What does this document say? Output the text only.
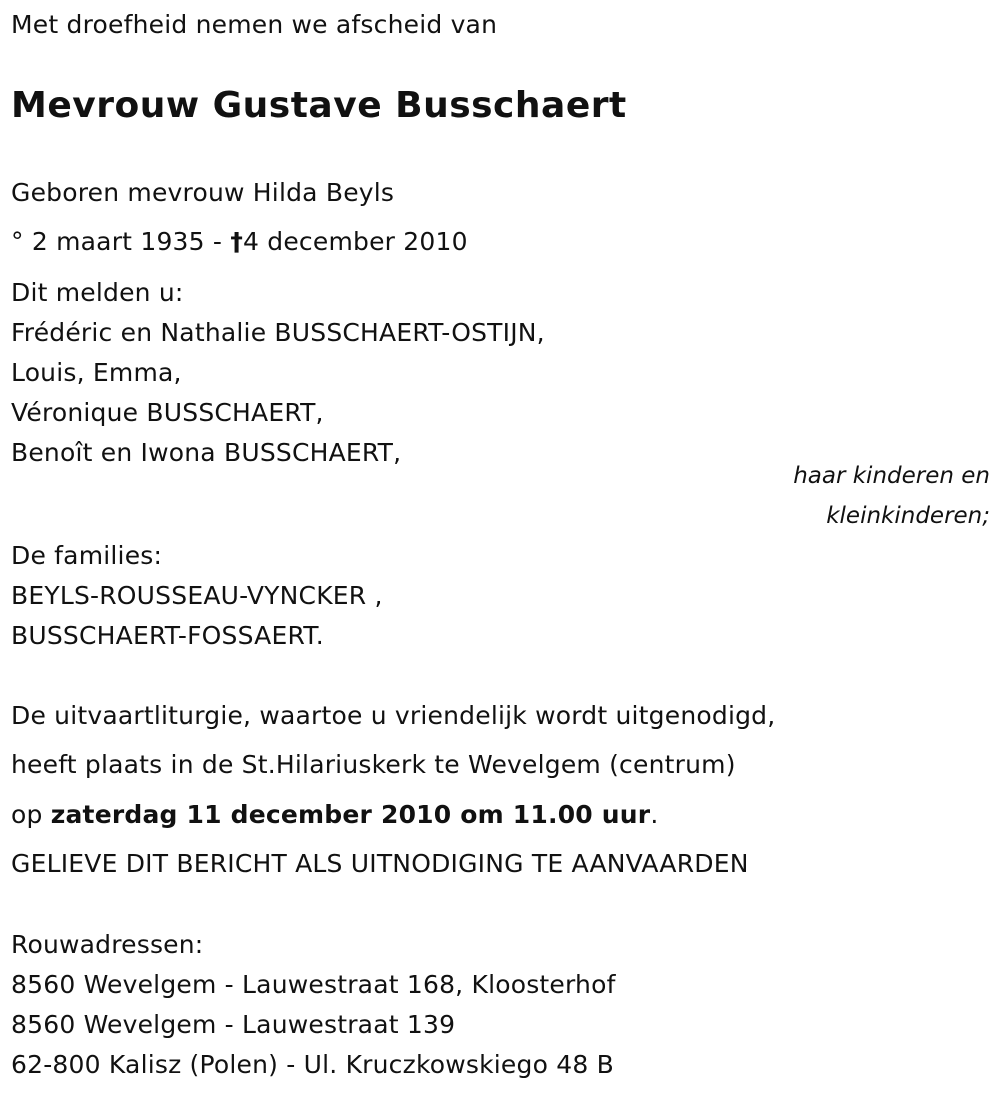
Met droefheid nemen we afscheid van
Mevrouw Gustave Busschaert
Geboren mevrouw Hilda Beyls
° 2 maart 1935 - †4 december 2010
Dit melden u:
Frédéric en Nathalie BUSSCHAERT-OSTIJN,
Louis, Emma,
Véronique BUSSCHAERT,
Benoît en Iwona BUSSCHAERT,
haar kinderen en
kleinkinderen;
De families:
BEYLS-ROUSSEAU-VYNCKER ,
BUSSCHAERT-FOSSAERT.
De uitvaartliturgie, waartoe u vriendelijk wordt uitgenodigd,
heeft plaats in de St.Hilariuskerk te Wevelgem (centrum)
op zaterdag 11 december 2010 om 11.00 uur.
GELIEVE DIT BERICHT ALS UITNODIGING TE AANVAARDEN
Rouwadressen:
8560 Wevelgem - Lauwestraat 168, Kloosterhof
8560 Wevelgem - Lauwestraat 139
62-800 Kalisz (Polen) - Ul. Kruczkowskiego 48 B
